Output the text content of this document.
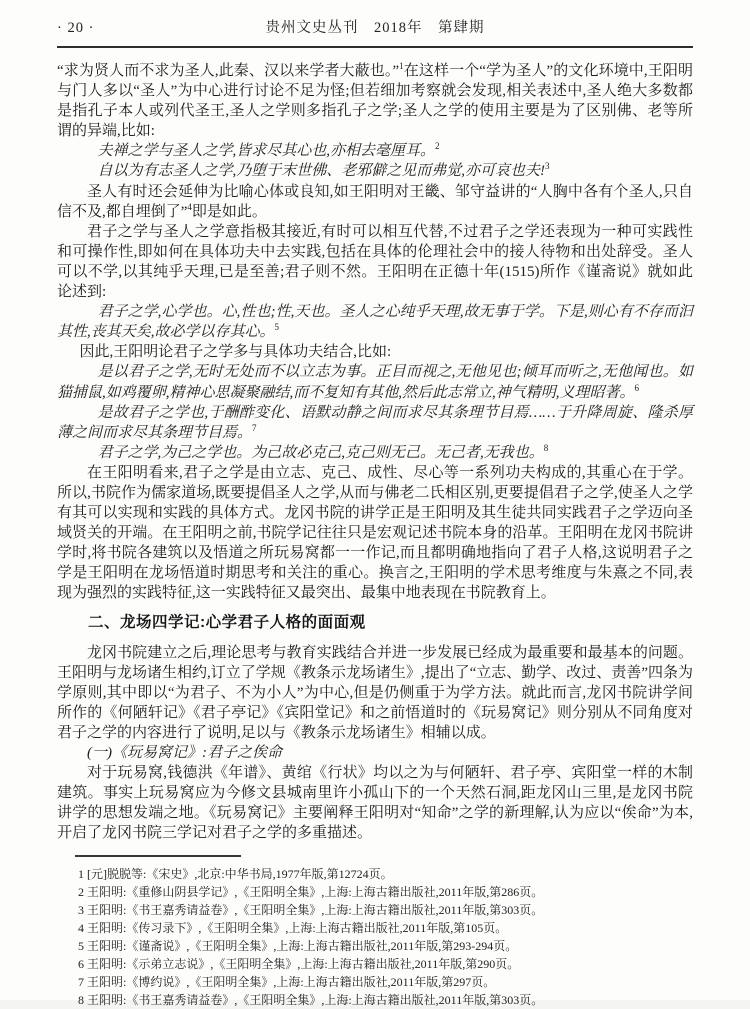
· 20 ·	贵州文史丛刊　2018年　第肆期

“求为贤人而不求为圣人,此秦、汉以来学者大蔽也。”$^1$在这样一个“学为圣人”的文化环境中,王阳明与门人多以“圣人”为中心进行讨论不足为怪;但若细加考察就会发现,相关表述中,圣人绝大多数都是指孔子本人或列代圣王,圣人之学则多指孔子之学;圣人之学的使用主要是为了区别佛、老等所谓的异端,比如:

夫禅之学与圣人之学,皆求尽其心也,亦相去毫厘耳。$^2$

自以为有志圣人之学,乃堕于末世佛、老邪僻之见而弗觉,亦可哀也夫!$^3$

圣人有时还会延伸为比喻心体或良知,如王阳明对王畿、邹守益讲的“人胸中各有个圣人,只自信不及,都自埋倒了”$^4$即是如此。

君子之学与圣人之学意指极其接近,有时可以相互代替,不过君子之学还表现为一种可实践性和可操作性,即如何在具体功夫中去实践,包括在具体的伦理社会中的接人待物和出处辞受。圣人可以不学,以其纯乎天理,已是至善;君子则不然。王阳明在正德十年(1515)所作《谨斋说》就如此论述到:

君子之学,心学也。心,性也;性,天也。圣人之心纯乎天理,故无事于学。下是,则心有不存而汩其性,丧其天矣,故必学以存其心。$^5$

因此,王阳明论君子之学多与具体功夫结合,比如:

是以君子之学,无时无处而不以立志为事。正目而视之,无他见也;倾耳而听之,无他闻也。如猫捕鼠,如鸡覆卵,精神心思凝聚融结,而不复知有其他,然后此志常立,神气精明,义理昭著。$^6$

是故君子之学也,于酬酢变化、语默动静之间而求尽其条理节目焉……于升降周旋、隆杀厚薄之间而求尽其条理节目焉。$^7$

君子之学,为己之学也。为己故必克己,克己则无己。无己者,无我也。$^8$

在王阳明看来,君子之学是由立志、克己、成性、尽心等一系列功夫构成的,其重心在于学。所以,书院作为儒家道场,既要提倡圣人之学,从而与佛老二氏相区别,更要提倡君子之学,使圣人之学有其可以实现和实践的具体方式。龙冈书院的讲学正是王阳明及其生徒共同实践君子之学迈向圣域贤关的开端。在王阳明之前,书院学记往往只是宏观记述书院本身的沿革。王阳明在龙冈书院讲学时,将书院各建筑以及悟道之所玩易窝都一一作记,而且都明确地指向了君子人格,这说明君子之学是王阳明在龙场悟道时期思考和关注的重心。换言之,王阳明的学术思考维度与朱熹之不同,表现为强烈的实践特征,这一实践特征又最突出、最集中地表现在书院教育上。

二、龙场四学记:心学君子人格的面面观

龙冈书院建立之后,理论思考与教育实践结合并进一步发展已经成为最重要和最基本的问题。王阳明与龙场诸生相约,订立了学规《教条示龙场诸生》,提出了“立志、勤学、改过、责善”四条为学原则,其中即以“为君子、不为小人”为中心,但是仍侧重于为学方法。就此而言,龙冈书院讲学间所作的《何陋轩记》《君子亭记》《宾阳堂记》和之前悟道时的《玩易窝记》则分别从不同角度对君子之学的内容进行了说明,足以与《教条示龙场诸生》相辅以成。

(一)《玩易窝记》:君子之俟命

对于玩易窝,钱德洪《年谱》、黄绾《行状》均以之为与何陋轩、君子亭、宾阳堂一样的木制建筑。事实上玩易窝应为今修文县城南里许小孤山下的一个天然石洞,距龙冈山三里,是龙冈书院讲学的思想发端之地。《玩易窝记》主要阐释王阳明对“知命”之学的新理解,认为应以“俟命”为本,开启了龙冈书院三学记对君子之学的多重描述。

1 [元]脱脱等:《宋史》,北京:中华书局,1977年版,第12724页。
2 王阳明:《重修山阴县学记》,《王阳明全集》,上海:上海古籍出版社,2011年版,第286页。
3 王阳明:《书王嘉秀请益卷》,《王阳明全集》,上海:上海古籍出版社,2011年版,第303页。
4 王阳明:《传习录下》,《王阳明全集》,上海:上海古籍出版社,2011年版,第105页。
5 王阳明:《谨斋说》,《王阳明全集》,上海:上海古籍出版社,2011年版,第293-294页。
6 王阳明:《示弟立志说》,《王阳明全集》,上海:上海古籍出版社,2011年版,第290页。
7 王阳明:《博约说》,《王阳明全集》,上海:上海古籍出版社,2011年版,第297页。
8 王阳明:《书王嘉秀请益卷》,《王阳明全集》,上海:上海古籍出版社,2011年版,第303页。
